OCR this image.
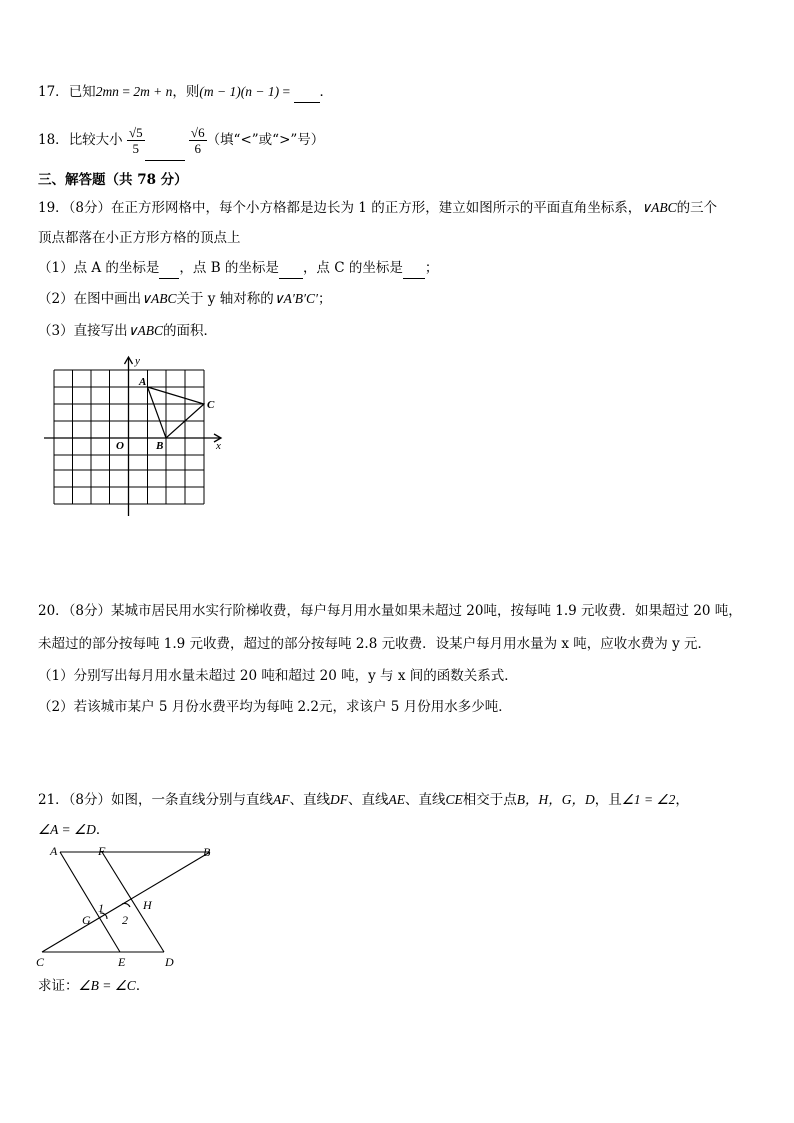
17．已知2mn = 2m + n，则(m − 1)(n − 1) =  ．
18．比较大小 $\frac{√5}{5}$
	$\frac{√6}{6}$ （填“<”或“>”号）
三、解答题（共 78 分）
19．（8分）在正方形网格中，每个小方格都是边长为 1 的正方形，建立如图所示的平面直角坐标系，∨ABC的三个
顶点都落在小正方形方格的顶点上
（1）点 A 的坐标是 ，点 B 的坐标是 ，点 C 的坐标是 ；
（2）在图中画出∨ABC关于 y 轴对称的∨A′B′C′；
（3）直接写出∨ABC的面积．
y
x
O
A
B
C
20．（8分）某城市居民用水实行阶梯收费，每户每月用水量如果未超过 20吨，按每吨 1.9 元收费．如果超过 20 吨，
未超过的部分按每吨 1.9 元收费，超过的部分按每吨 2.8 元收费．设某户每月用水量为 x 吨，应收水费为 y 元．
（1）分别写出每月用水量未超过 20 吨和超过 20 吨，y 与 x 间的函数关系式．
（2）若该城市某户 5 月份水费平均为每吨 2.2元，求该户 5 月份用水多少吨．
21．（8分）如图，一条直线分别与直线AF、直线DF、直线AE、直线CE相交于点B，H，G，D，且∠1 = ∠2，
∠A = ∠D．
A	F	B
G
H
1
2
C	E	D
求证：∠B = ∠C．
